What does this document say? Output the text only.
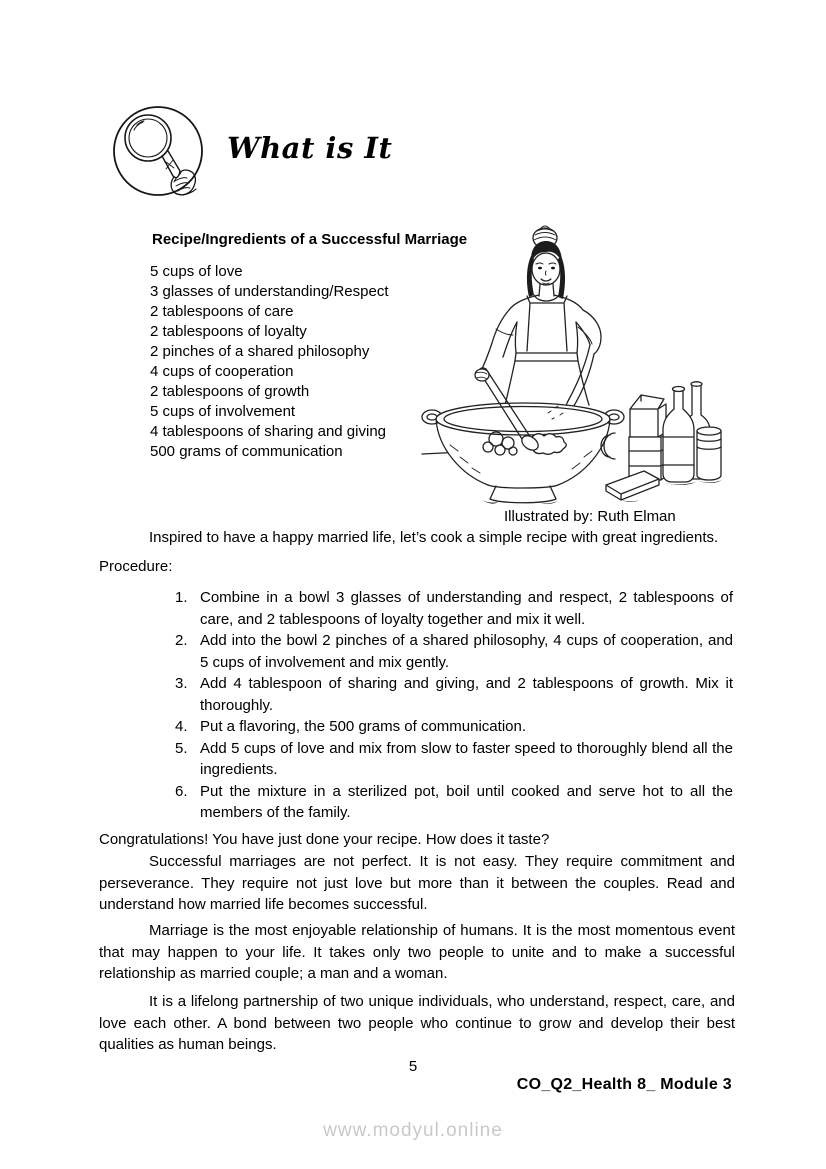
What is It
Recipe/Ingredients of a Successful Marriage
5 cups of love
3 glasses of understanding/Respect
2 tablespoons of care
2 tablespoons of loyalty
2 pinches of a shared philosophy
4 cups of cooperation
2 tablespoons of growth
5 cups of involvement
4 tablespoons of sharing and giving
500 grams of communication
Illustrated by: Ruth Elman
Inspired to have a happy married life, let’s cook a simple recipe with great ingredients.
Procedure:
1. Combine in a bowl 3 glasses of understanding and respect, 2 tablespoons of care, and 2 tablespoons of loyalty together and mix it well.
2. Add into the bowl 2 pinches of a shared philosophy, 4 cups of cooperation, and 5 cups of involvement and mix gently.
3. Add 4 tablespoon of sharing and giving, and 2 tablespoons of growth. Mix it thoroughly.
4. Put a flavoring, the 500 grams of communication.
5. Add 5 cups of love and mix from slow to faster speed to thoroughly blend all the ingredients.
6. Put the mixture in a sterilized pot, boil until cooked and serve hot to all the members of the family.
Congratulations! You have just done your recipe. How does it taste?
Successful marriages are not perfect. It is not easy. They require commitment and perseverance. They require not just love but more than it between the couples. Read and understand how married life becomes successful.
Marriage is the most enjoyable relationship of humans. It is the most momentous event that may happen to your life. It takes only two people to unite and to make a successful relationship as married couple; a man and a woman.
It is a lifelong partnership of two unique individuals, who understand, respect, care, and love each other. A bond between two people who continue to grow and develop their best qualities as human beings.
5
CO_Q2_Health 8_ Module 3
www.modyul.online
